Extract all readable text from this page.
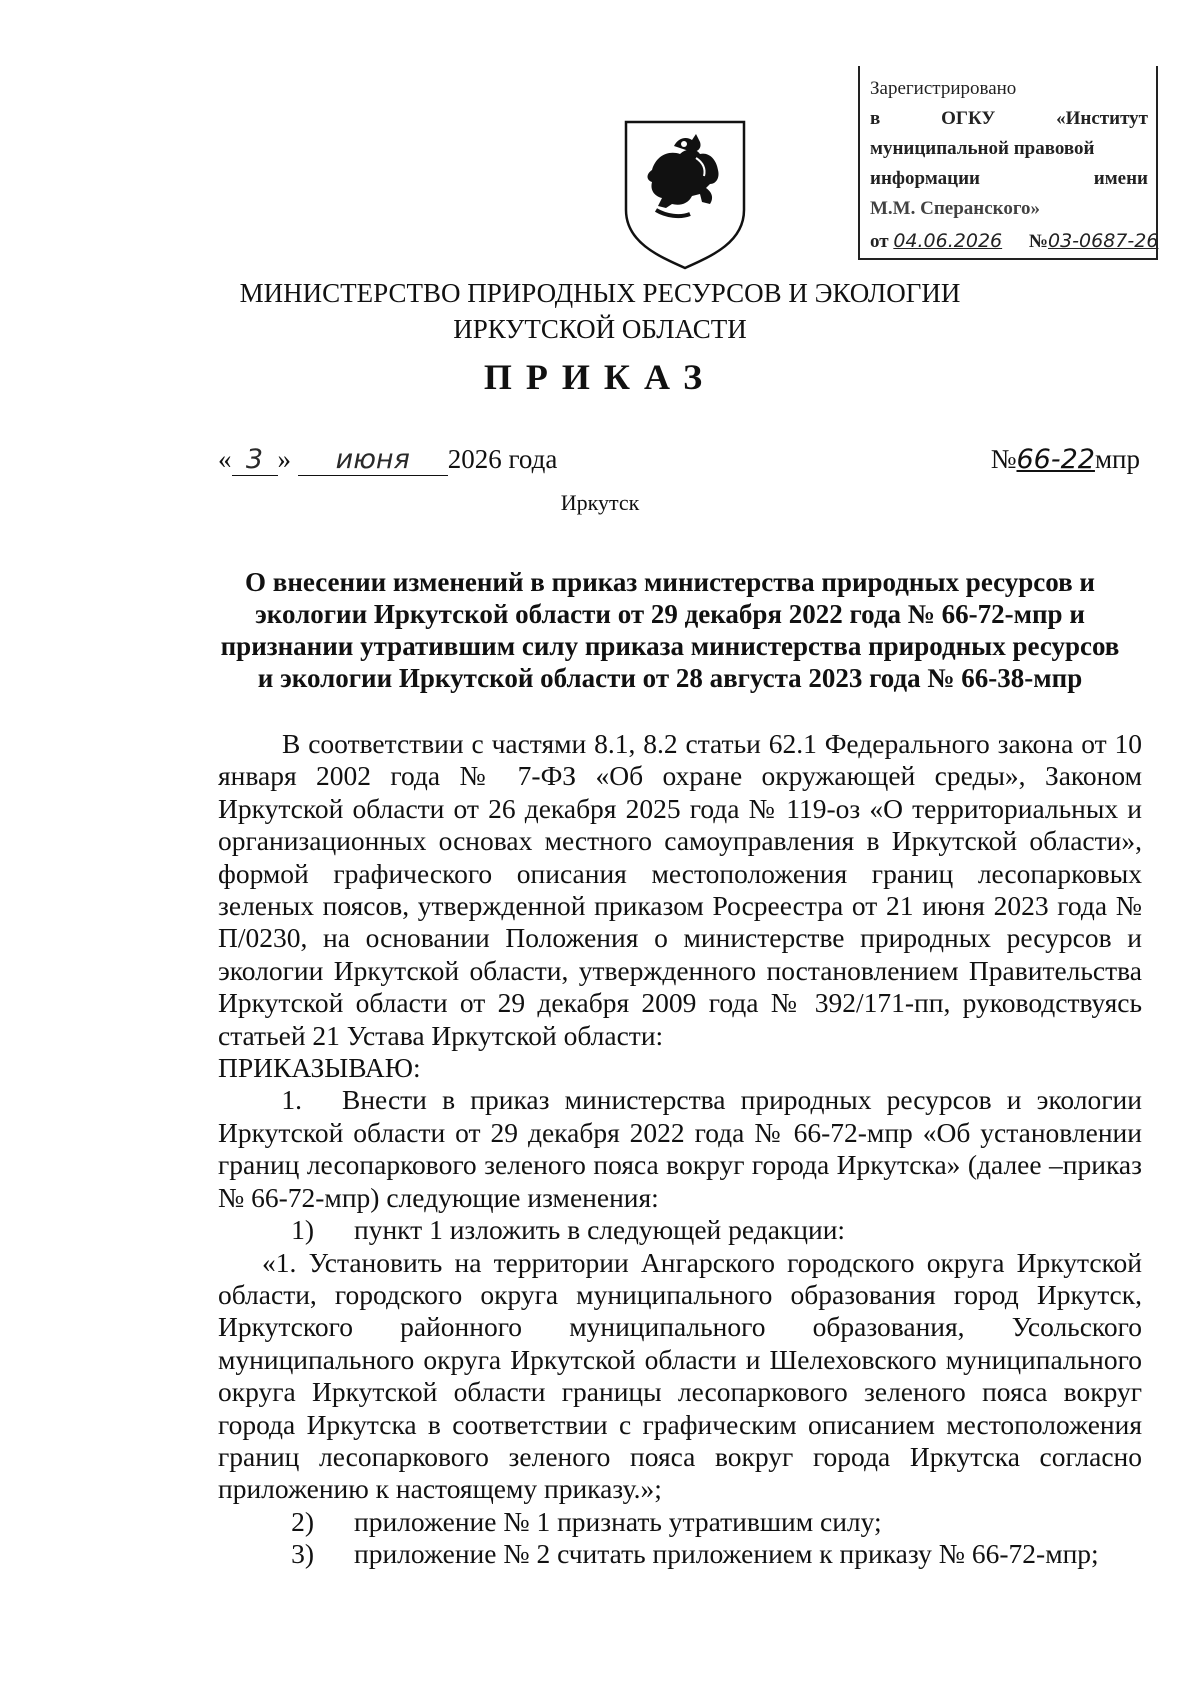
Зарегистрировано
в	ОГКУ	«Институт
муниципальной правовой
информации	имени
М.М. Сперанского»
от 04.06.2026 №03-0687-26
МИНИСТЕРСТВО ПРИРОДНЫХ РЕСУРСОВ И ЭКОЛОГИИ
ИРКУТСКОЙ ОБЛАСТИ
ПРИКАЗ
« 3 » июня 2026 года	№66-22мпр
Иркутск
О внесении изменений в приказ министерства природных ресурсов и экологии Иркутской области от 29 декабря 2022 года № 66-72-мпр и признании утратившим силу приказа министерства природных ресурсов и экологии Иркутской области от 28 августа 2023 года № 66-38-мпр

В соответствии с частями 8.1, 8.2 статьи 62.1 Федерального закона от 10 января 2002 года № 7-ФЗ «Об охране окружающей среды», Законом Иркутской области от 26 декабря 2025 года № 119-оз «О территориальных и организационных основах местного самоуправления в Иркутской области», формой графического описания местоположения границ лесопарковых зеленых поясов, утвержденной приказом Росреестра от 21 июня 2023 года № П/0230, на основании Положения о министерстве природных ресурсов и экологии Иркутской области, утвержденного постановлением Правительства Иркутской области от 29 декабря 2009 года № 392/171-пп, руководствуясь статьей 21 Устава Иркутской области:

ПРИКАЗЫВАЮ:

1.	Внести в приказ министерства природных ресурсов и экологии Иркутской области от 29 декабря 2022 года № 66-72-мпр «Об установлении границ лесопаркового зеленого пояса вокруг города Иркутска» (далее –приказ № 66-72-мпр) следующие изменения:

1)	пункт 1 изложить в следующей редакции:

«1. Установить на территории Ангарского городского округа Иркутской области, городского округа муниципального образования город Иркутск, Иркутского районного муниципального образования, Усольского муниципального округа Иркутской области и Шелеховского муниципального округа Иркутской области границы лесопаркового зеленого пояса вокруг города Иркутска в соответствии с графическим описанием местоположения границ лесопаркового зеленого пояса вокруг города Иркутска согласно приложению к настоящему приказу.»;

2)	приложение № 1 признать утратившим силу;
3)	приложение № 2 считать приложением к приказу № 66-72-мпр;
